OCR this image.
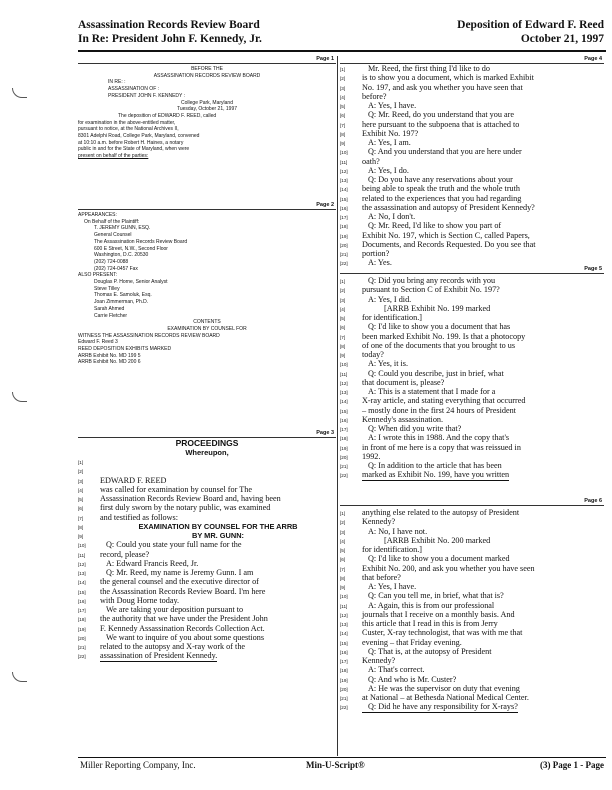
Assassination Records Review Board
In Re: President John F. Kennedy, Jr.
Deposition of Edward F. Reed
October 21, 1997
Page 1
BEFORE THE
ASSASSINATION RECORDS REVIEW BOARD
IN RE: :
ASSASSINATION OF :
PRESIDENT JOHN F. KENNEDY :
College Park, Maryland
Tuesday, October 21, 1997
The deposition of EDWARD F. REED, called
for examination in the above-entitled matter,
pursuant to notice, at the National Archives II,
8301 Adelphi Road, College Park, Maryland, convened
at 10:10 a.m. before Robert H. Haines, a notary
public in and for the State of Maryland, when were
present on behalf of the parties:
Page 2
APPEARANCES:
On Behalf of the Plaintiff:
T. JEREMY GUNN, ESQ.
General Counsel
The Assassination Records Review Board
600 E Street, N.W., Second Floor
Washington, D.C. 20530
(202) 724-0088
(202) 724-0457 Fax
ALSO PRESENT:
Douglas P. Horne, Senior Analyst
Steve Tilley
Thomas E. Samoluk, Esq.
Joan Zimmerman, Ph.D.
Sarah Ahmed
Carrie Fletcher
CONTENTS
EXAMINATION BY COUNSEL FOR
WITNESS THE ASSASSINATION RECORDS REVIEW BOARD
Edward F. Reed 3
REED DEPOSITION EXHIBITS MARKED
ARRB Exhibit No. MD 199 5
ARRB Exhibit No. MD 200 6
Page 3
PROCEEDINGS
Whereupon,
[1]
[2]
[3] EDWARD F. REED
[4] was called for examination by counsel for The
[5] Assassination Records Review Board and, having been
[6] first duly sworn by the notary public, was examined
[7] and testified as follows:
[8]	EXAMINATION BY COUNSEL FOR THE ARRB
[9]	BY MR. GUNN:
[10] Q: Could you state your full name for the
[11] record, please?
[12] A: Edward Francis Reed, Jr.
[13] Q: Mr. Reed, my name is Jeremy Gunn. I am
[14] the general counsel and the executive director of
[15] the Assassination Records Review Board. I'm here
[16] with Doug Horne today.
[17] We are taking your deposition pursuant to
[18] the authority that we have under the President John
[19] F. Kennedy Assassination Records Collection Act.
[20] We want to inquire of you about some questions
[21] related to the autopsy and X-ray work of the
[22] assassination of President Kennedy.
Page 4
[1]	Mr. Reed, the first thing I'd like to do
[2] is to show you a document, which is marked Exhibit
[3] No. 197, and ask you whether you have seen that
[4] before?
[5]	A: Yes, I have.
[6]	Q: Mr. Reed, do you understand that you are
[7] here pursuant to the subpoena that is attached to
[8] Exhibit No. 197?
[9]	A: Yes, I am.
[10] Q: And you understand that you are here under
[11] oath?
[12] A: Yes, I do.
[13] Q: Do you have any reservations about your
[14] being able to speak the truth and the whole truth
[15] related to the experiences that you had regarding
[16] the assassination and autopsy of President Kennedy?
[17] A: No, I don't.
[18] Q: Mr. Reed, I'd like to show you part of
[19] Exhibit No. 197, which is Section C, called Papers,
[20] Documents, and Records Requested. Do you see that
[21] portion?
[22] A: Yes.
Page 5
[1]	Q: Did you bring any records with you
[2] pursuant to Section C of Exhibit No. 197?
[3]	A: Yes, I did.
[4]	[ARRB Exhibit No. 199 marked
[5] for identification.]
[6]	Q: I'd like to show you a document that has
[7] been marked Exhibit No. 199. Is that a photocopy
[8] of one of the documents that you brought to us
[9] today?
[10] A: Yes, it is.
[11]	Q: Could you describe, just in brief, what
[12] that document is, please?
[13] A: This is a statement that I made for a
[14] X-ray article, and stating everything that occurred
[15] – mostly done in the first 24 hours of President
[16] Kennedy's assassination.
[17] Q: When did you write that?
[18] A: I wrote this in 1988. And the copy that's
[19] in front of me here is a copy that was reissued in
[20] 1992.
[21] Q: In addition to the article that has been
[22] marked as Exhibit No. 199, have you written
Page 6
[1] anything else related to the autopsy of President
[2] Kennedy?
[3]	A: No, I have not.
[4]	[ARRB Exhibit No. 200 marked
[5] for identification.]
[6]	Q: I'd like to show you a document marked
[7] Exhibit No. 200, and ask you whether you have seen
[8] that before?
[9]	A: Yes, I have.
[10] Q: Can you tell me, in brief, what that is?
[11]	A: Again, this is from our professional
[12] journals that I receive on a monthly basis. And
[13] this article that I read in this is from Jerry
[14] Custer, X-ray technologist, that was with me that
[15] evening – that Friday evening.
[16] Q: That is, at the autopsy of President
[17] Kennedy?
[18] A: That's correct.
[19] Q: And who is Mr. Custer?
[20] A: He was the supervisor on duty that evening
[21] at National – at Bethesda National Medical Center.
[22] Q: Did he have any responsibility for X-rays?
Miller Reporting Company, Inc.	Min-U-Script®	(3) Page 1 - Page
